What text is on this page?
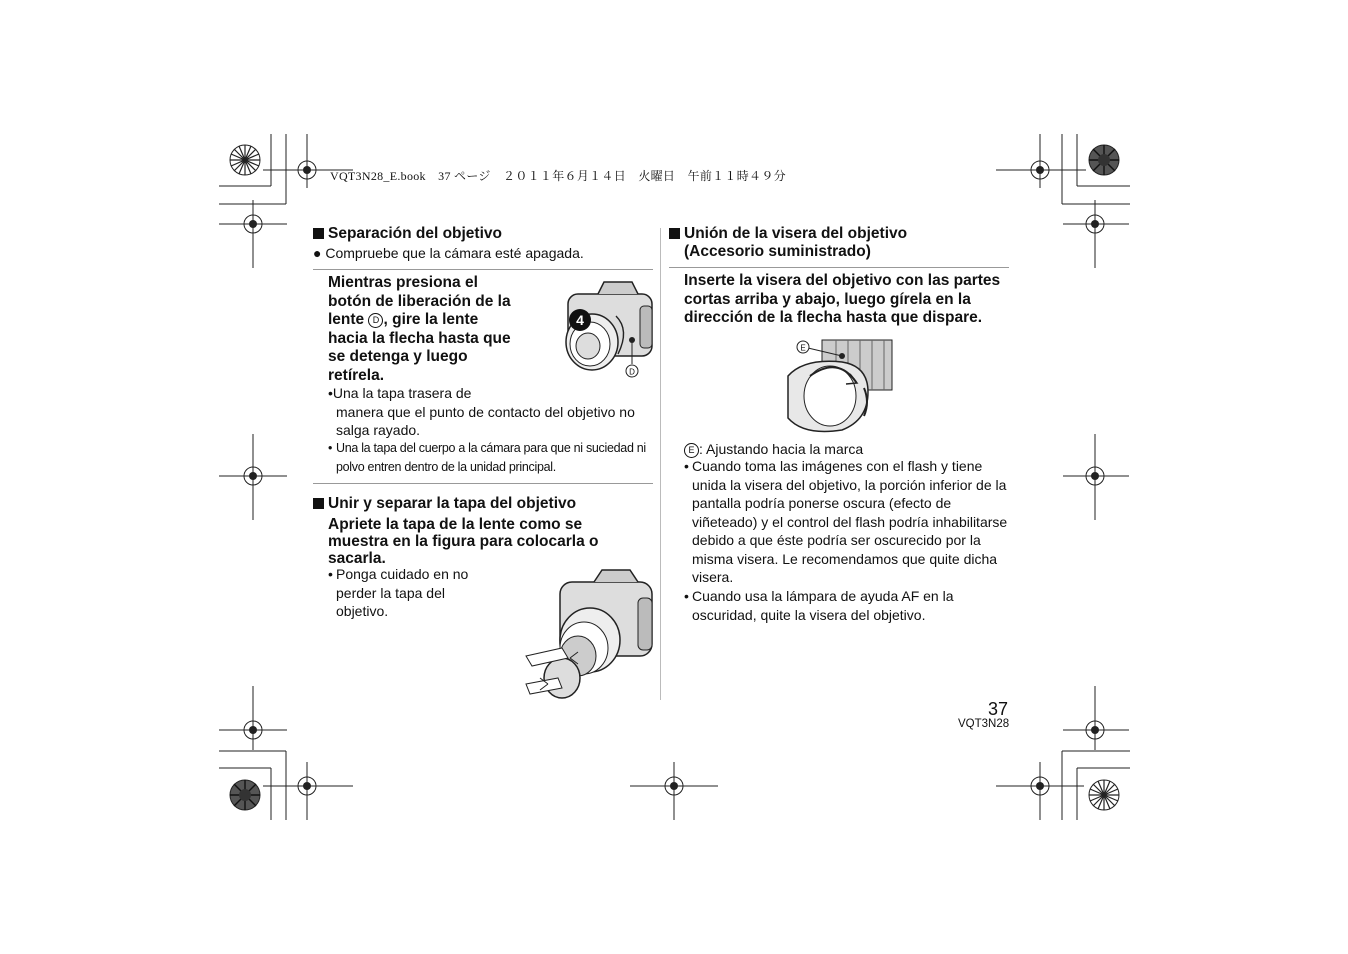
VQT3N28_E.book　37 ページ　２０１１年６月１４日　火曜日　午前１１時４９分
Separación del objetivo
● Compruebe que la cámara esté apagada.
Mientras presiona el
botón de liberación de la
lente D , gire la lente
hacia la flecha hasta que
se detenga y luego
retírela.
4
D
•Una la tapa trasera de
manera que el punto de contacto del objetivo no salga rayado.
• Una la tapa del cuerpo a la cámara para que ni suciedad ni polvo entren dentro de la unidad principal.
Unir y separar la tapa del objetivo
Apriete la tapa de la lente como se muestra en la figura para colocarla o sacarla.
• Ponga cuidado en no perder la tapa del objetivo.
Unión de la visera del objetivo
(Accesorio suministrado)
Inserte la visera del objetivo con las partes cortas arriba y abajo, luego gírela en la dirección de la flecha hasta que dispare.
E
E : Ajustando hacia la marca
• Cuando toma las imágenes con el flash y tiene unida la visera del objetivo, la porción inferior de la pantalla podría ponerse oscura (efecto de viñeteado) y el control del flash podría inhabilitarse debido a que éste podría ser oscurecido por la misma visera. Le recomendamos que quite dicha visera.
• Cuando usa la lámpara de ayuda AF en la oscuridad, quite la visera del objetivo.
37
VQT3N28
